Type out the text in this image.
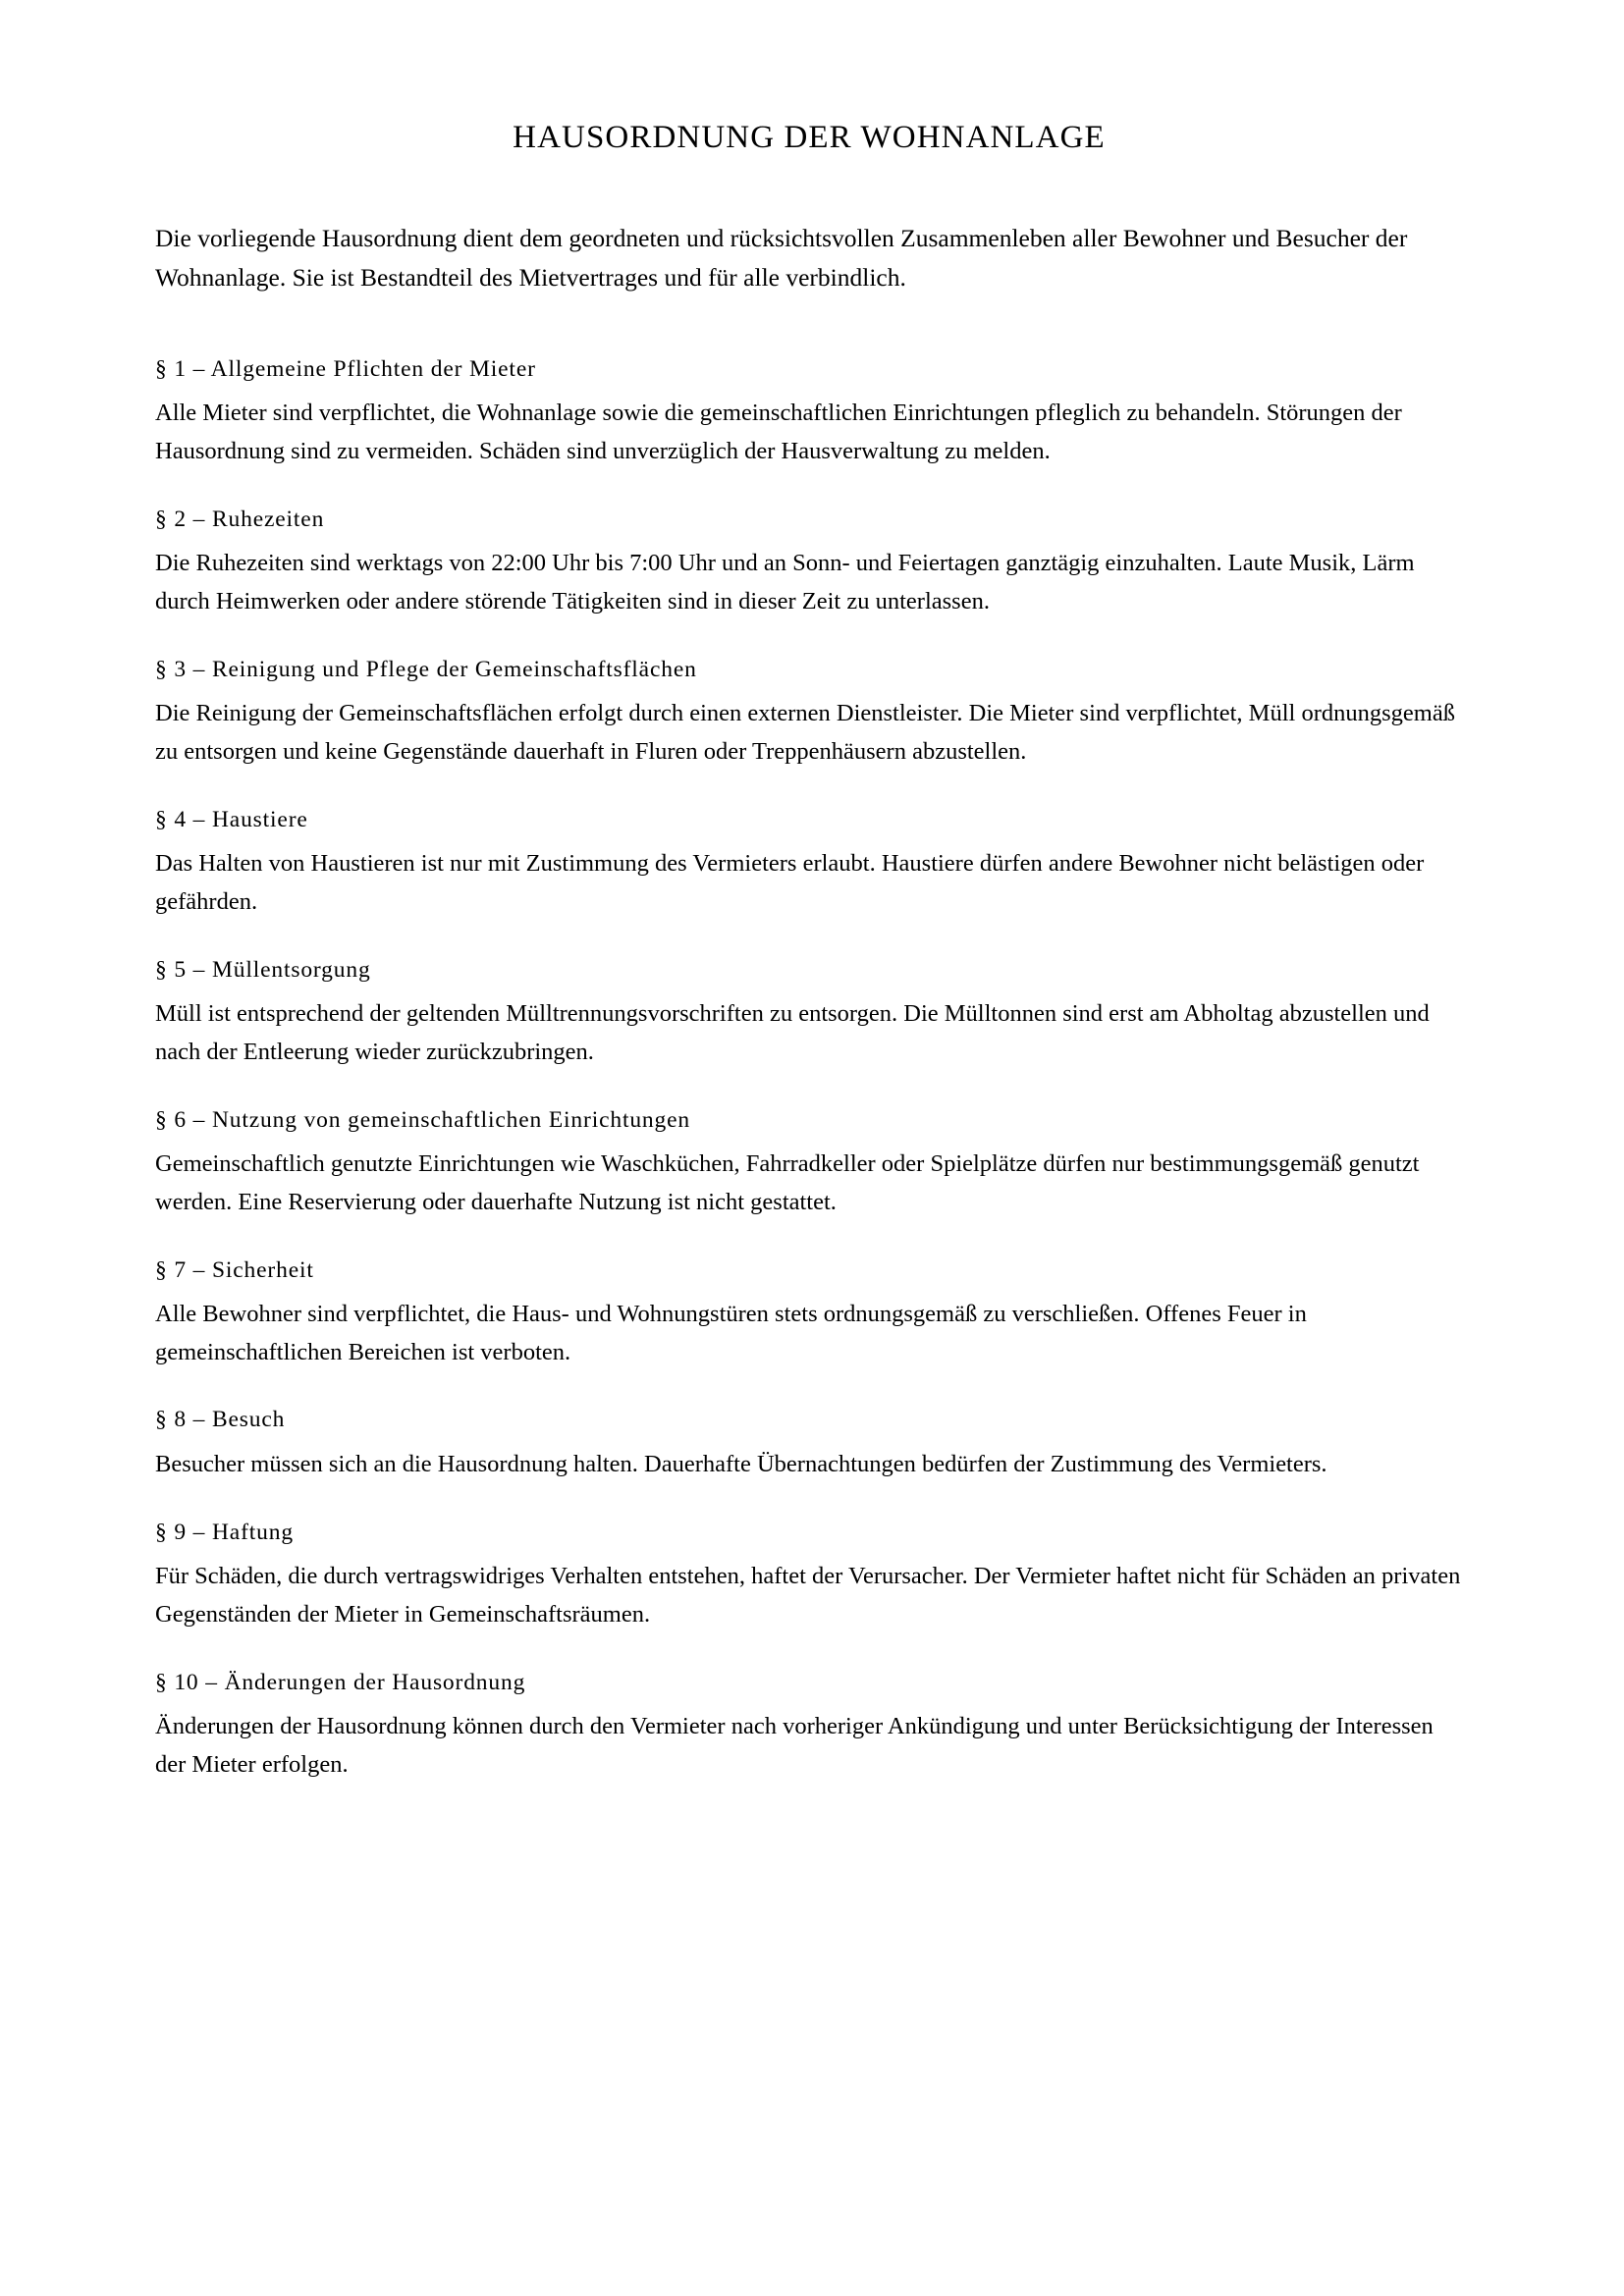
HAUSORDNUNG DER WOHNANLAGE

Die vorliegende Hausordnung dient dem geordneten und rücksichtsvollen Zusammenleben aller Bewohner und Besucher der Wohnanlage. Sie ist Bestandteil des Mietvertrages und für alle verbindlich.

§ 1 – Allgemeine Pflichten der Mieter

Alle Mieter sind verpflichtet, die Wohnanlage sowie die gemeinschaftlichen Einrichtungen pfleglich zu behandeln. Störungen der Hausordnung sind zu vermeiden. Schäden sind unverzüglich der Hausverwaltung zu melden.

§ 2 – Ruhezeiten

Die Ruhezeiten sind werktags von 22:00 Uhr bis 7:00 Uhr und an Sonn- und Feiertagen ganztägig einzuhalten. Laute Musik, Lärm durch Heimwerken oder andere störende Tätigkeiten sind in dieser Zeit zu unterlassen.

§ 3 – Reinigung und Pflege der Gemeinschaftsflächen

Die Reinigung der Gemeinschaftsflächen erfolgt durch einen externen Dienstleister. Die Mieter sind verpflichtet, Müll ordnungsgemäß zu entsorgen und keine Gegenstände dauerhaft in Fluren oder Treppenhäusern abzustellen.

§ 4 – Haustiere

Das Halten von Haustieren ist nur mit Zustimmung des Vermieters erlaubt. Haustiere dürfen andere Bewohner nicht belästigen oder gefährden.

§ 5 – Müllentsorgung

Müll ist entsprechend der geltenden Mülltrennungsvorschriften zu entsorgen. Die Mülltonnen sind erst am Abholtag abzustellen und nach der Entleerung wieder zurückzubringen.

§ 6 – Nutzung von gemeinschaftlichen Einrichtungen

Gemeinschaftlich genutzte Einrichtungen wie Waschküchen, Fahrradkeller oder Spielplätze dürfen nur bestimmungsgemäß genutzt werden. Eine Reservierung oder dauerhafte Nutzung ist nicht gestattet.

§ 7 – Sicherheit

Alle Bewohner sind verpflichtet, die Haus- und Wohnungstüren stets ordnungsgemäß zu verschließen. Offenes Feuer in gemeinschaftlichen Bereichen ist verboten.

§ 8 – Besuch

Besucher müssen sich an die Hausordnung halten. Dauerhafte Übernachtungen bedürfen der Zustimmung des Vermieters.

§ 9 – Haftung

Für Schäden, die durch vertragswidriges Verhalten entstehen, haftet der Verursacher. Der Vermieter haftet nicht für Schäden an privaten Gegenständen der Mieter in Gemeinschaftsräumen.

§ 10 – Änderungen der Hausordnung

Änderungen der Hausordnung können durch den Vermieter nach vorheriger Ankündigung und unter Berücksichtigung der Interessen der Mieter erfolgen.
